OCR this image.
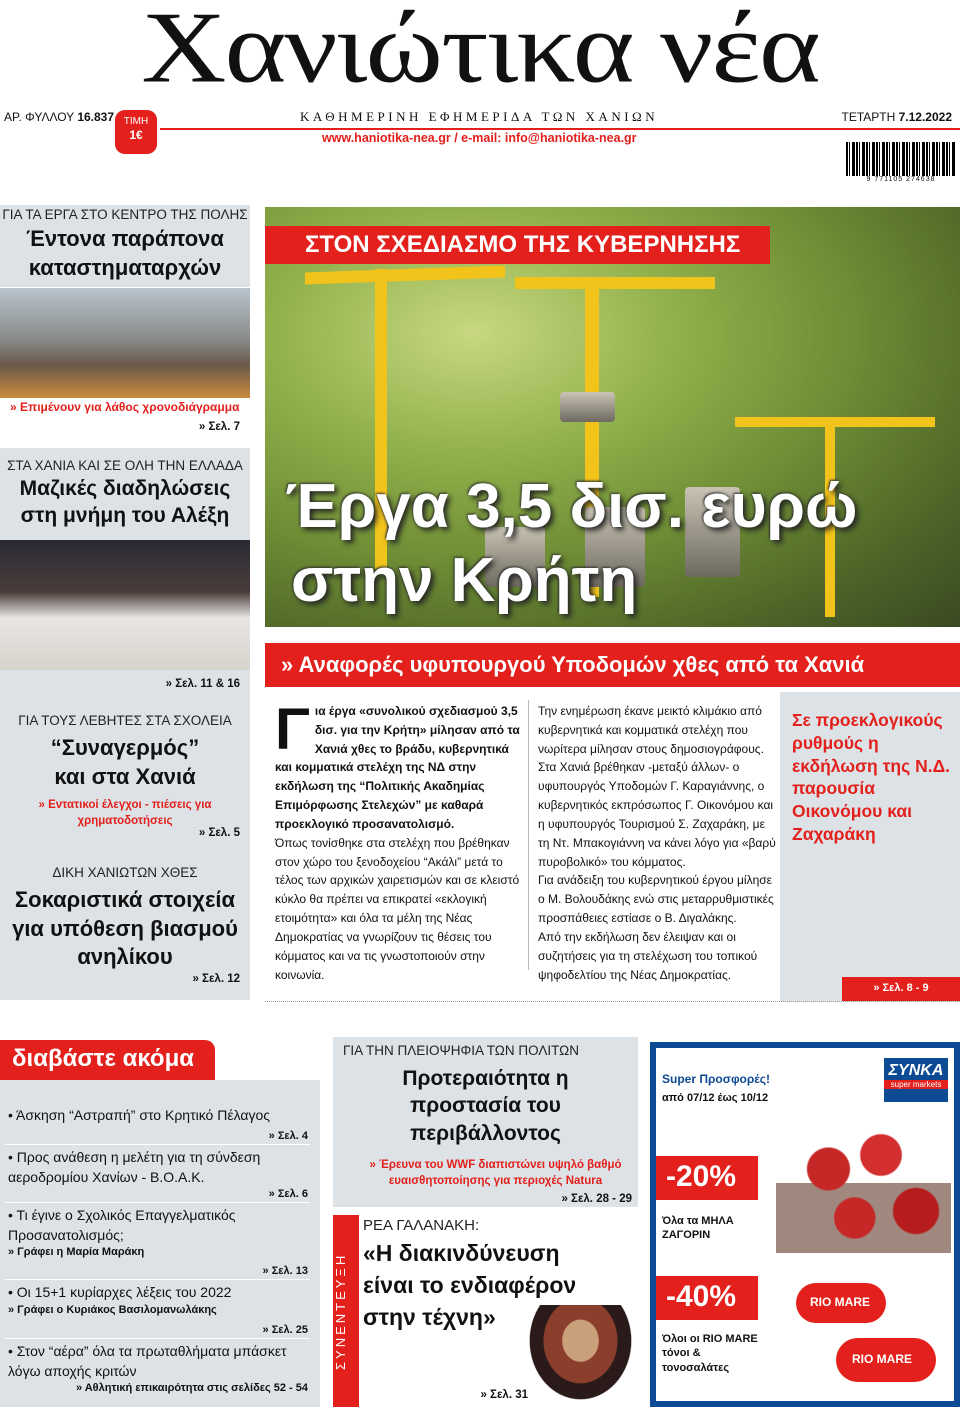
Χανιώτικα νέα
ΑΡ. ΦΥΛΛΟΥ 16.837 ΤΙΜΗ
1€
ΚΑΘΗΜΕΡΙΝΗ ΕΦΗΜΕΡΙΔΑ ΤΩΝ ΧΑΝΙΩΝ
www.haniotika-nea.gr / e-mail: info@haniotika-nea.gr
ΤΕΤΑΡΤΗ 7.12.2022
9 771105 274638
ΓΙΑ ΤΑ ΕΡΓΑ ΣΤΟ ΚΕΝΤΡΟ ΤΗΣ ΠΟΛΗΣ
Έντονα παράπονα καταστηματαρχών
» Επιμένουν για λάθος χρονοδιάγραμμα
» Σελ. 7
ΣΤΑ ΧΑΝΙΑ ΚΑΙ ΣΕ ΟΛΗ ΤΗΝ ΕΛΛΑΔΑ
Μαζικές διαδηλώσεις στη μνήμη του Αλέξη
» Σελ. 11 & 16
ΓΙΑ ΤΟΥΣ ΛΕΒΗΤΕΣ ΣΤΑ ΣΧΟΛΕΙΑ
“Συναγερμός” και στα Χανιά
» Εντατικοί έλεγχοι - πιέσεις για χρηματοδοτήσεις
» Σελ. 5
ΔΙΚΗ ΧΑΝΙΩΤΩΝ ΧΘΕΣ
Σοκαριστικά στοιχεία για υπόθεση βιασμού ανηλίκου
» Σελ. 12
ΣΤΟΝ ΣΧΕΔΙΑΣΜΟ ΤΗΣ ΚΥΒΕΡΝΗΣΗΣ
Έργα 3,5 δισ. ευρώ
στην Κρήτη
» Αναφορές υφυπουργού Υποδομών χθες από τα Χανιά

Για έργα «συνολικού σχεδιασμού 3,5 δισ. για την Κρήτη» μίλησαν από τα Χανιά χθες το βράδυ, κυβερνητικά και κομματικά στελέχη της ΝΔ στην εκδήλωση της “Πολιτικής Ακαδημίας Επιμόρφωσης Στελεχών” με καθαρά προεκλογικό προσανατολισμό.

Όπως τονίσθηκε στα στελέχη που βρέθηκαν στον χώρο του ξενοδοχείου “Ακάλι” μετά το τέλος των αρχικών χαιρετισμών και σε κλειστό κύκλο θα πρέπει να επικρατεί «εκλογική ετοιμότητα» και όλα τα μέλη της Νέας Δημοκρατίας να γνωρίζουν τις θέσεις του κόμματος και να τις γνωστοποιούν στην κοινωνία.

Την ενημέρωση έκανε μεικτό κλιμάκιο από κυβερνητικά και κομματικά στελέχη που νωρίτερα μίλησαν στους δημοσιογράφους.

Στα Χανιά βρέθηκαν -μεταξύ άλλων- ο υφυπουργός Υποδομών Γ. Καραγιάννης, ο κυβερνητικός εκπρόσωπος Γ. Οικονόμου και η υφυπουργός Τουρισμού Σ. Ζαχαράκη, με τη Ντ. Μπακογιάννη να κάνει λόγο για «βαρύ πυροβολικό» του κόμματος.

Για ανάδειξη του κυβερνητικού έργου μίλησε ο Μ. Βολουδάκης ενώ στις μεταρρυθμιστικές προσπάθειες εστίασε ο Β. Διγαλάκης.

Από την εκδήλωση δεν έλειψαν και οι συζητήσεις για τη στελέχωση του τοπικού ψηφοδελτίου της Νέας Δημοκρατίας.

Σε προεκλογικούς ρυθμούς η εκδήλωση της Ν.Δ. παρουσία Οικονόμου και Ζαχαράκη
» Σελ. 8 - 9
διαβάστε ακόμα
• Άσκηση “Αστραπή” στο Κρητικό Πέλαγος
» Σελ. 4
• Προς ανάθεση η μελέτη για τη σύνδεση αεροδρομίου Χανίων - Β.Ο.Α.Κ.
» Σελ. 6
• Τι έγινε ο Σχολικός Επαγγελματικός Προσανατολισμός;
» Γράφει η Μαρία Μαράκη
» Σελ. 13
• Οι 15+1 κυρίαρχες λέξεις του 2022
» Γράφει ο Κυριάκος Βασιλομανωλάκης
» Σελ. 25
• Στον “αέρα” όλα τα πρωταθλήματα μπάσκετ λόγω αποχής κριτών
» Αθλητική επικαιρότητα στις σελίδες 52 - 54
ΓΙΑ ΤΗΝ ΠΛΕΙΟΨΗΦΙΑ ΤΩΝ ΠΟΛΙΤΩΝ
Προτεραιότητα η προστασία του περιβάλλοντος
» Έρευνα του WWF διαπιστώνει υψηλό βαθμό ευαισθητοποίησης για περιοχές Natura
» Σελ. 28 - 29
ΣΥΝΕΝΤΕΥΞΗ
ΡΕΑ ΓΑΛΑΝΑΚΗ:
«Η διακινδύνευση είναι το ενδιαφέρον στην τέχνη»
» Σελ. 31
Super Προσφορές!
από 07/12 έως 10/12
ΣΥΝΚΑ
super markets
-20%
Όλα τα ΜΗΛΑ ΖΑΓΟΡΙΝ
-40%
Όλοι οι RIO MARE τόνοι & τονοσαλάτες
RIO MARE
RIO MARE
